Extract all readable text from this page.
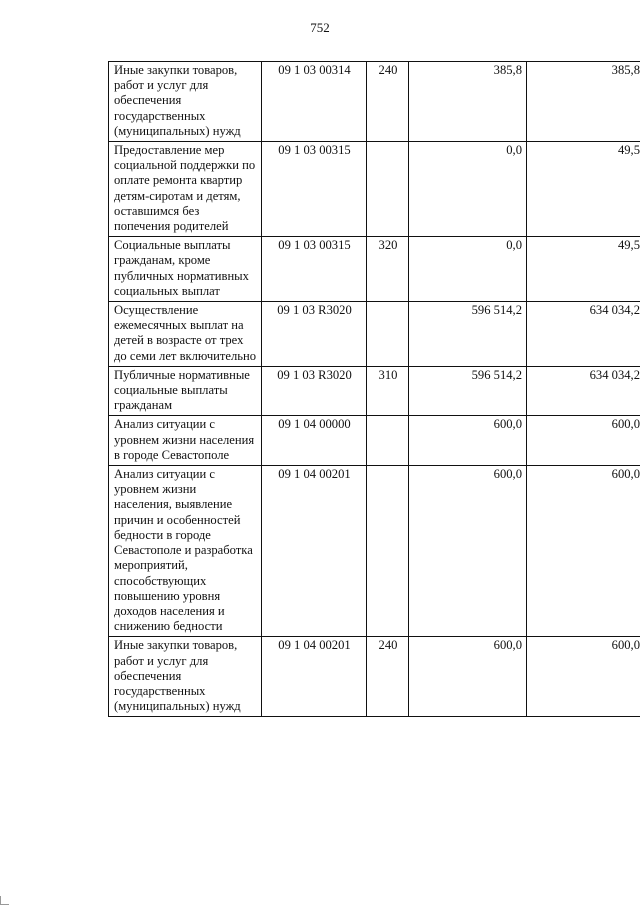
752
Иные закупки товаров, работ и услуг для обеспечения государственных (муниципальных) нужд	09 1 03 00314	240	385,8	385,8
Предоставление мер социальной поддержки по оплате ремонта квартир детям-сиротам и детям, оставшимся без попечения родителей	09 1 03 00315		0,0	49,5
Социальные выплаты гражданам, кроме публичных нормативных социальных выплат	09 1 03 00315	320	0,0	49,5
Осуществление ежемесячных выплат на детей в возрасте от трех до семи лет включительно	09 1 03 R3020		596 514,2	634 034,2
Публичные нормативные социальные выплаты гражданам	09 1 03 R3020	310	596 514,2	634 034,2
Анализ ситуации с уровнем жизни населения в городе Севастополе	09 1 04 00000		600,0	600,0
Анализ ситуации с уровнем жизни населения, выявление причин и особенностей бедности в городе Севастополе и разработка мероприятий, способствующих повышению уровня доходов населения и снижению бедности	09 1 04 00201		600,0	600,0
Иные закупки товаров, работ и услуг для обеспечения государственных (муниципальных) нужд	09 1 04 00201	240	600,0	600,0
